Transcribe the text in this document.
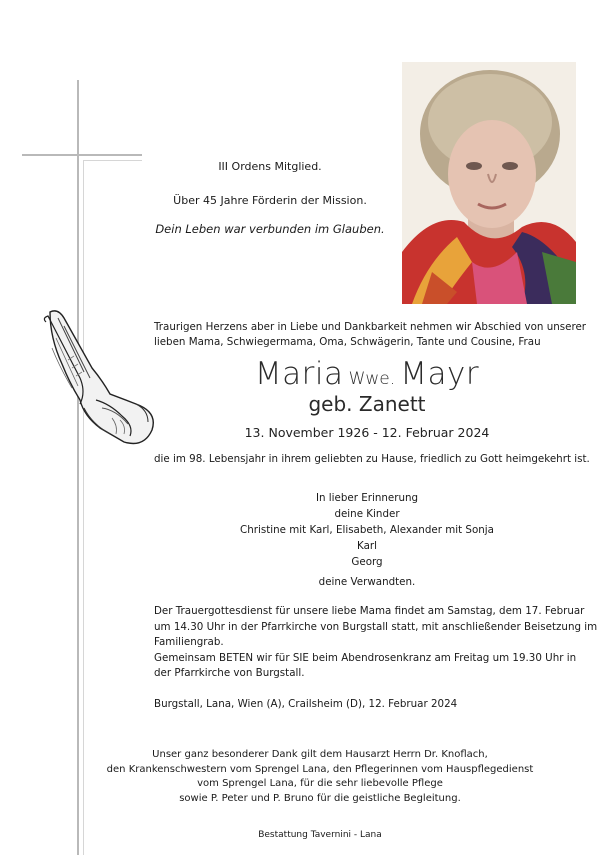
III Ordens Mitglied.
Über 45 Jahre Förderin der Mission.
Dein Leben war verbunden im Glauben.
Traurigen Herzens aber in Liebe und Dankbarkeit nehmen wir Abschied von unserer
lieben Mama, Schwiegermama, Oma, Schwägerin, Tante und Cousine, Frau
Maria Wwe. Mayr
geb. Zanett
13. November 1926 - 12. Februar 2024
die im 98. Lebensjahr in ihrem geliebten zu Hause, friedlich zu Gott heimgekehrt ist.
In lieber Erinnerung
deine Kinder
Christine mit Karl, Elisabeth, Alexander mit Sonja
Karl
Georg
deine Verwandten.
Der Trauergottesdienst für unsere liebe Mama findet am Samstag, dem 17. Februar
um 14.30 Uhr in der Pfarrkirche von Burgstall statt, mit anschließender Beisetzung im
Familiengrab.
Gemeinsam BETEN wir für SIE beim Abendrosenkranz am Freitag um 19.30 Uhr in
der Pfarrkirche von Burgstall.
Burgstall, Lana, Wien (A), Crailsheim (D), 12. Februar 2024
Unser ganz besonderer Dank gilt dem Hausarzt Herrn Dr. Knoflach,
den Krankenschwestern vom Sprengel Lana, den Pflegerinnen vom Hauspflegedienst
vom Sprengel Lana, für die sehr liebevolle Pflege
sowie P. Peter und P. Bruno für die geistliche Begleitung.
Bestattung Tavernini - Lana
